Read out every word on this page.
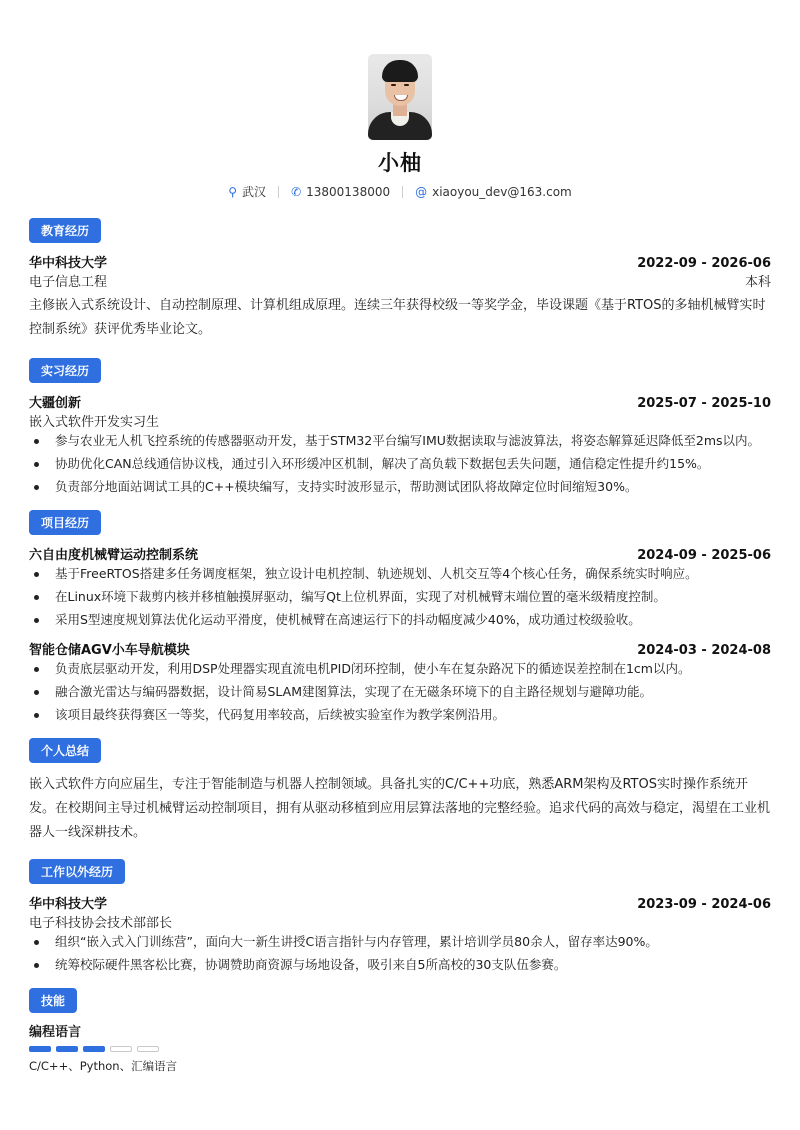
小柚
⚲ 武汉 ✆ 13800138000 @ xiaoyou_dev@163.com
教育经历
华中科技大学	2022-09 - 2026-06
电子信息工程	本科
主修嵌入式系统设计、自动控制原理、计算机组成原理。连续三年获得校级一等奖学金，毕设课题《基于RTOS的多轴机械臂实时控制系统》获评优秀毕业论文。
实习经历
大疆创新	2025-07 - 2025-10
嵌入式软件开发实习生
参与农业无人机飞控系统的传感器驱动开发，基于STM32平台编写IMU数据读取与滤波算法，将姿态解算延迟降低至2ms以内。
协助优化CAN总线通信协议栈，通过引入环形缓冲区机制，解决了高负载下数据包丢失问题，通信稳定性提升约15%。
负责部分地面站调试工具的C++模块编写，支持实时波形显示，帮助测试团队将故障定位时间缩短30%。
项目经历
六自由度机械臂运动控制系统	2024-09 - 2025-06
基于FreeRTOS搭建多任务调度框架，独立设计电机控制、轨迹规划、人机交互等4个核心任务，确保系统实时响应。
在Linux环境下裁剪内核并移植触摸屏驱动，编写Qt上位机界面，实现了对机械臂末端位置的毫米级精度控制。
采用S型速度规划算法优化运动平滑度，使机械臂在高速运行下的抖动幅度减少40%，成功通过校级验收。
智能仓储AGV小车导航模块	2024-03 - 2024-08
负责底层驱动开发，利用DSP处理器实现直流电机PID闭环控制，使小车在复杂路况下的循迹误差控制在1cm以内。
融合激光雷达与编码器数据，设计简易SLAM建图算法，实现了在无磁条环境下的自主路径规划与避障功能。
该项目最终获得赛区一等奖，代码复用率较高，后续被实验室作为教学案例沿用。
个人总结
嵌入式软件方向应届生，专注于智能制造与机器人控制领域。具备扎实的C/C++功底，熟悉ARM架构及RTOS实时操作系统开发。在校期间主导过机械臂运动控制项目，拥有从驱动移植到应用层算法落地的完整经验。追求代码的高效与稳定，渴望在工业机器人一线深耕技术。
工作以外经历
华中科技大学	2023-09 - 2024-06
电子科技协会技术部部长
组织“嵌入式入门训练营”，面向大一新生讲授C语言指针与内存管理，累计培训学员80余人，留存率达90%。
统筹校际硬件黑客松比赛，协调赞助商资源与场地设备，吸引来自5所高校的30支队伍参赛。
技能
编程语言
C/C++、Python、汇编语言
